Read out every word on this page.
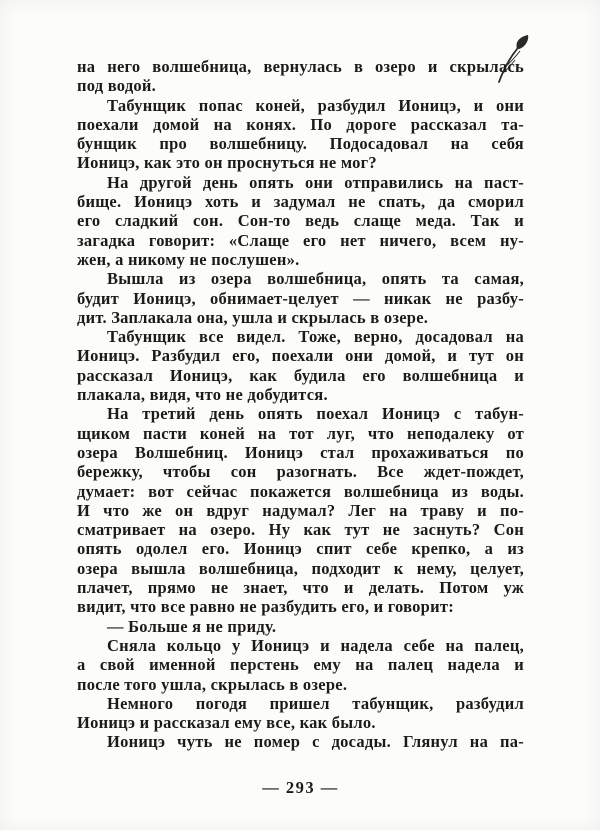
на него волшебница, вернулась в озеро и скрылась
под водой.
Табунщик попас коней, разбудил Ионицэ, и они
поехали домой на конях. По дороге рассказал та-
бунщик про волшебницу. Подосадовал на себя
Ионицэ, как это он проснуться не мог?
На другой день опять они отправились на паст-
бище. Ионицэ хоть и задумал не спать, да сморил
его сладкий сон. Сон-то ведь слаще меда. Так и
загадка говорит: «Слаще его нет ничего, всем ну-
жен, а никому не послушен».
Вышла из озера волшебница, опять та самая,
будит Ионицэ, обнимает-целует — никак не разбу-
дит. Заплакала она, ушла и скрылась в озере.
Табунщик все видел. Тоже, верно, досадовал на
Ионицэ. Разбудил его, поехали они домой, и тут он
рассказал Ионицэ, как будила его волшебница и
плакала, видя, что не добудится.
На третий день опять поехал Ионицэ с табун-
щиком пасти коней на тот луг, что неподалеку от
озера Волшебниц. Ионицэ стал прохаживаться по
бережку, чтобы сон разогнать. Все ждет-пождет,
думает: вот сейчас покажется волшебница из воды.
И что же он вдруг надумал? Лег на траву и по-
сматривает на озеро. Ну как тут не заснуть? Сон
опять одолел его. Ионицэ спит себе крепко, а из
озера вышла волшебница, подходит к нему, целует,
плачет, прямо не знает, что и делать. Потом уж
видит, что все равно не разбудить его, и говорит:
— Больше я не приду.
Сняла кольцо у Ионицэ и надела себе на палец,
а свой именной перстень ему на палец надела и
после того ушла, скрылась в озере.
Немного погодя пришел табунщик, разбудил
Ионицэ и рассказал ему все, как было.
Ионицэ чуть не помер с досады. Глянул на па-
— 293 —
